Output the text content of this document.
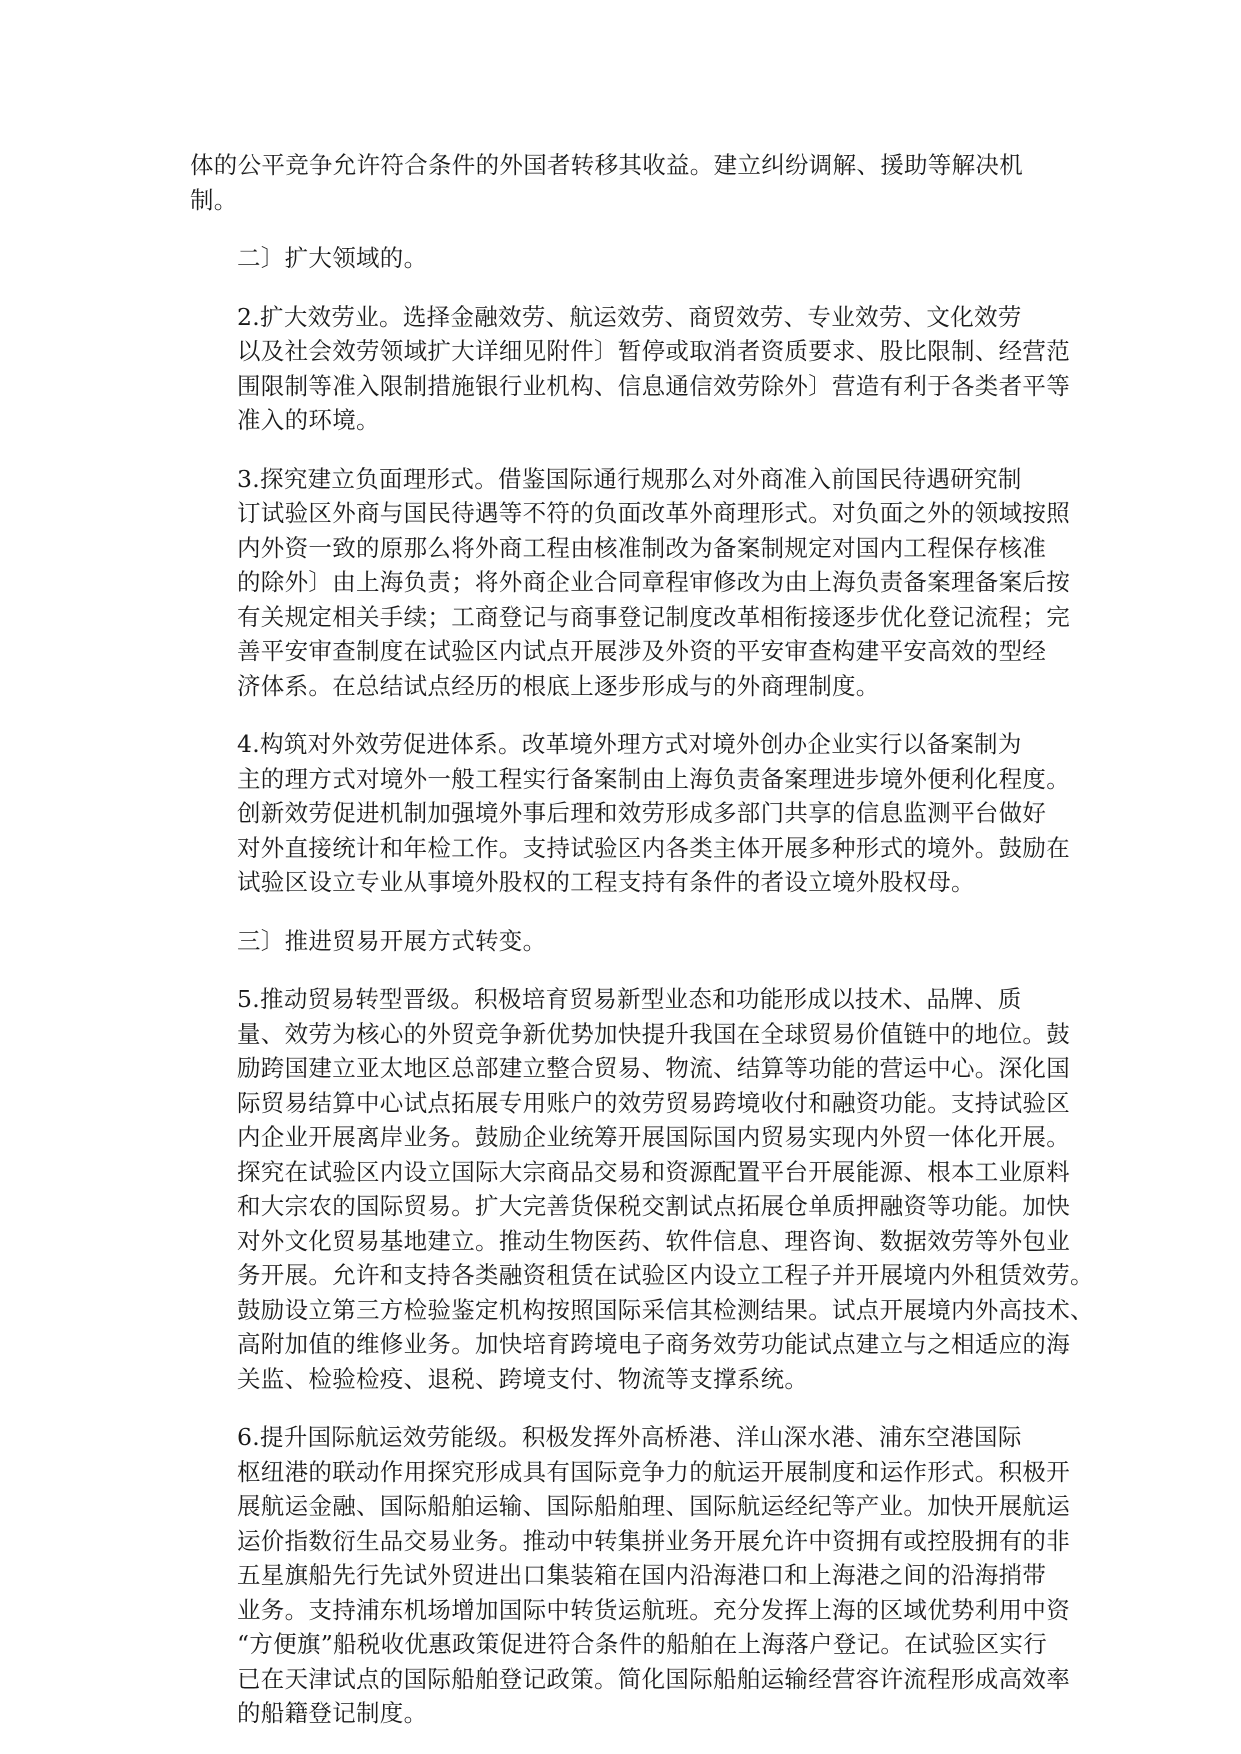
体的公平竞争允许符合条件的外国者转移其收益。建立纠纷调解、援助等解决机
制。

二〕扩大领域的。

2.扩大效劳业。选择金融效劳、航运效劳、商贸效劳、专业效劳、文化效劳
以及社会效劳领域扩大详细见附件〕暂停或取消者资质要求、股比限制、经营范
围限制等准入限制措施银行业机构、信息通信效劳除外〕营造有利于各类者平等
准入的环境。

3.探究建立负面理形式。借鉴国际通行规那么对外商准入前国民待遇研究制
订试验区外商与国民待遇等不符的负面改革外商理形式。对负面之外的领域按照
内外资一致的原那么将外商工程由核准制改为备案制规定对国内工程保存核准
的除外〕由上海负责；将外商企业合同章程审修改为由上海负责备案理备案后按
有关规定相关手续；工商登记与商事登记制度改革相衔接逐步优化登记流程；完
善平安审查制度在试验区内试点开展涉及外资的平安审查构建平安高效的型经
济体系。在总结试点经历的根底上逐步形成与的外商理制度。

4.构筑对外效劳促进体系。改革境外理方式对境外创办企业实行以备案制为
主的理方式对境外一般工程实行备案制由上海负责备案理进步境外便利化程度。
创新效劳促进机制加强境外事后理和效劳形成多部门共享的信息监测平台做好
对外直接统计和年检工作。支持试验区内各类主体开展多种形式的境外。鼓励在
试验区设立专业从事境外股权的工程支持有条件的者设立境外股权母。

三〕推进贸易开展方式转变。

5.推动贸易转型晋级。积极培育贸易新型业态和功能形成以技术、品牌、质
量、效劳为核心的外贸竞争新优势加快提升我国在全球贸易价值链中的地位。鼓
励跨国建立亚太地区总部建立整合贸易、物流、结算等功能的营运中心。深化国
际贸易结算中心试点拓展专用账户的效劳贸易跨境收付和融资功能。支持试验区
内企业开展离岸业务。鼓励企业统筹开展国际国内贸易实现内外贸一体化开展。
探究在试验区内设立国际大宗商品交易和资源配置平台开展能源、根本工业原料
和大宗农的国际贸易。扩大完善货保税交割试点拓展仓单质押融资等功能。加快
对外文化贸易基地建立。推动生物医药、软件信息、理咨询、数据效劳等外包业
务开展。允许和支持各类融资租赁在试验区内设立工程子并开展境内外租赁效劳。
鼓励设立第三方检验鉴定机构按照国际采信其检测结果。试点开展境内外高技术、
高附加值的维修业务。加快培育跨境电子商务效劳功能试点建立与之相适应的海
关监、检验检疫、退税、跨境支付、物流等支撑系统。

6.提升国际航运效劳能级。积极发挥外高桥港、洋山深水港、浦东空港国际
枢纽港的联动作用探究形成具有国际竞争力的航运开展制度和运作形式。积极开
展航运金融、国际船舶运输、国际船舶理、国际航运经纪等产业。加快开展航运
运价指数衍生品交易业务。推动中转集拼业务开展允许中资拥有或控股拥有的非
五星旗船先行先试外贸进出口集装箱在国内沿海港口和上海港之间的沿海捎带
业务。支持浦东机场增加国际中转货运航班。充分发挥上海的区域优势利用中资
“方便旗”船税收优惠政策促进符合条件的船舶在上海落户登记。在试验区实行
已在天津试点的国际船舶登记政策。简化国际船舶运输经营容许流程形成高效率
的船籍登记制度。
